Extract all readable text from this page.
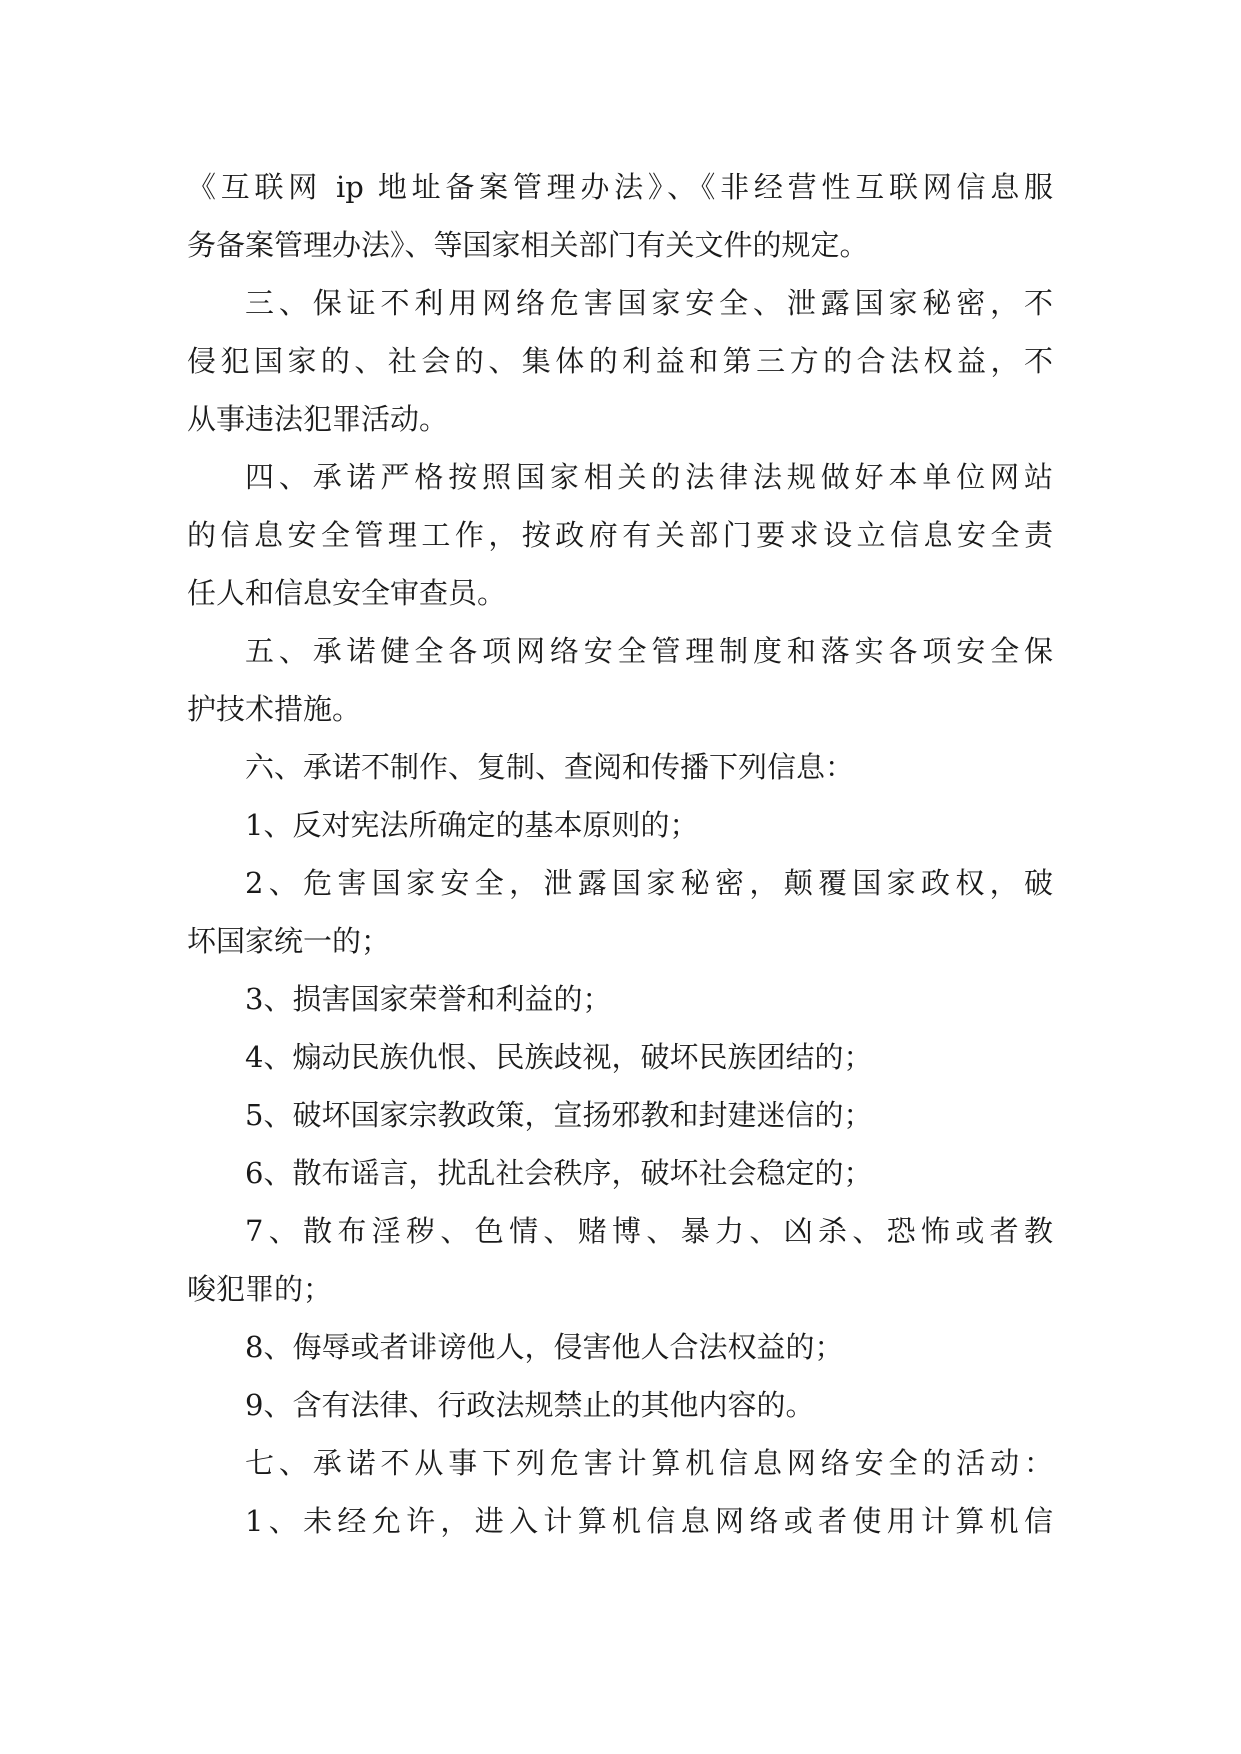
《互联网 ip 地址备案管理办法》、《非经营性互联网信息服
务备案管理办法》、等国家相关部门有关文件的规定。
三、保证不利用网络危害国家安全、泄露国家秘密，不
侵犯国家的、社会的、集体的利益和第三方的合法权益，不
从事违法犯罪活动。
四、承诺严格按照国家相关的法律法规做好本单位网站
的信息安全管理工作，按政府有关部门要求设立信息安全责
任人和信息安全审查员。
五、承诺健全各项网络安全管理制度和落实各项安全保
护技术措施。
六、承诺不制作、复制、查阅和传播下列信息：
1、反对宪法所确定的基本原则的；
2、危害国家安全，泄露国家秘密，颠覆国家政权，破
坏国家统一的；
3、损害国家荣誉和利益的；
4、煽动民族仇恨、民族歧视，破坏民族团结的；
5、破坏国家宗教政策，宣扬邪教和封建迷信的；
6、散布谣言，扰乱社会秩序，破坏社会稳定的；
7、散布淫秽、色情、赌博、暴力、凶杀、恐怖或者教
唆犯罪的；
8、侮辱或者诽谤他人，侵害他人合法权益的；
9、含有法律、行政法规禁止的其他内容的。
七、承诺不从事下列危害计算机信息网络安全的活动：
1、未经允许，进入计算机信息网络或者使用计算机信
